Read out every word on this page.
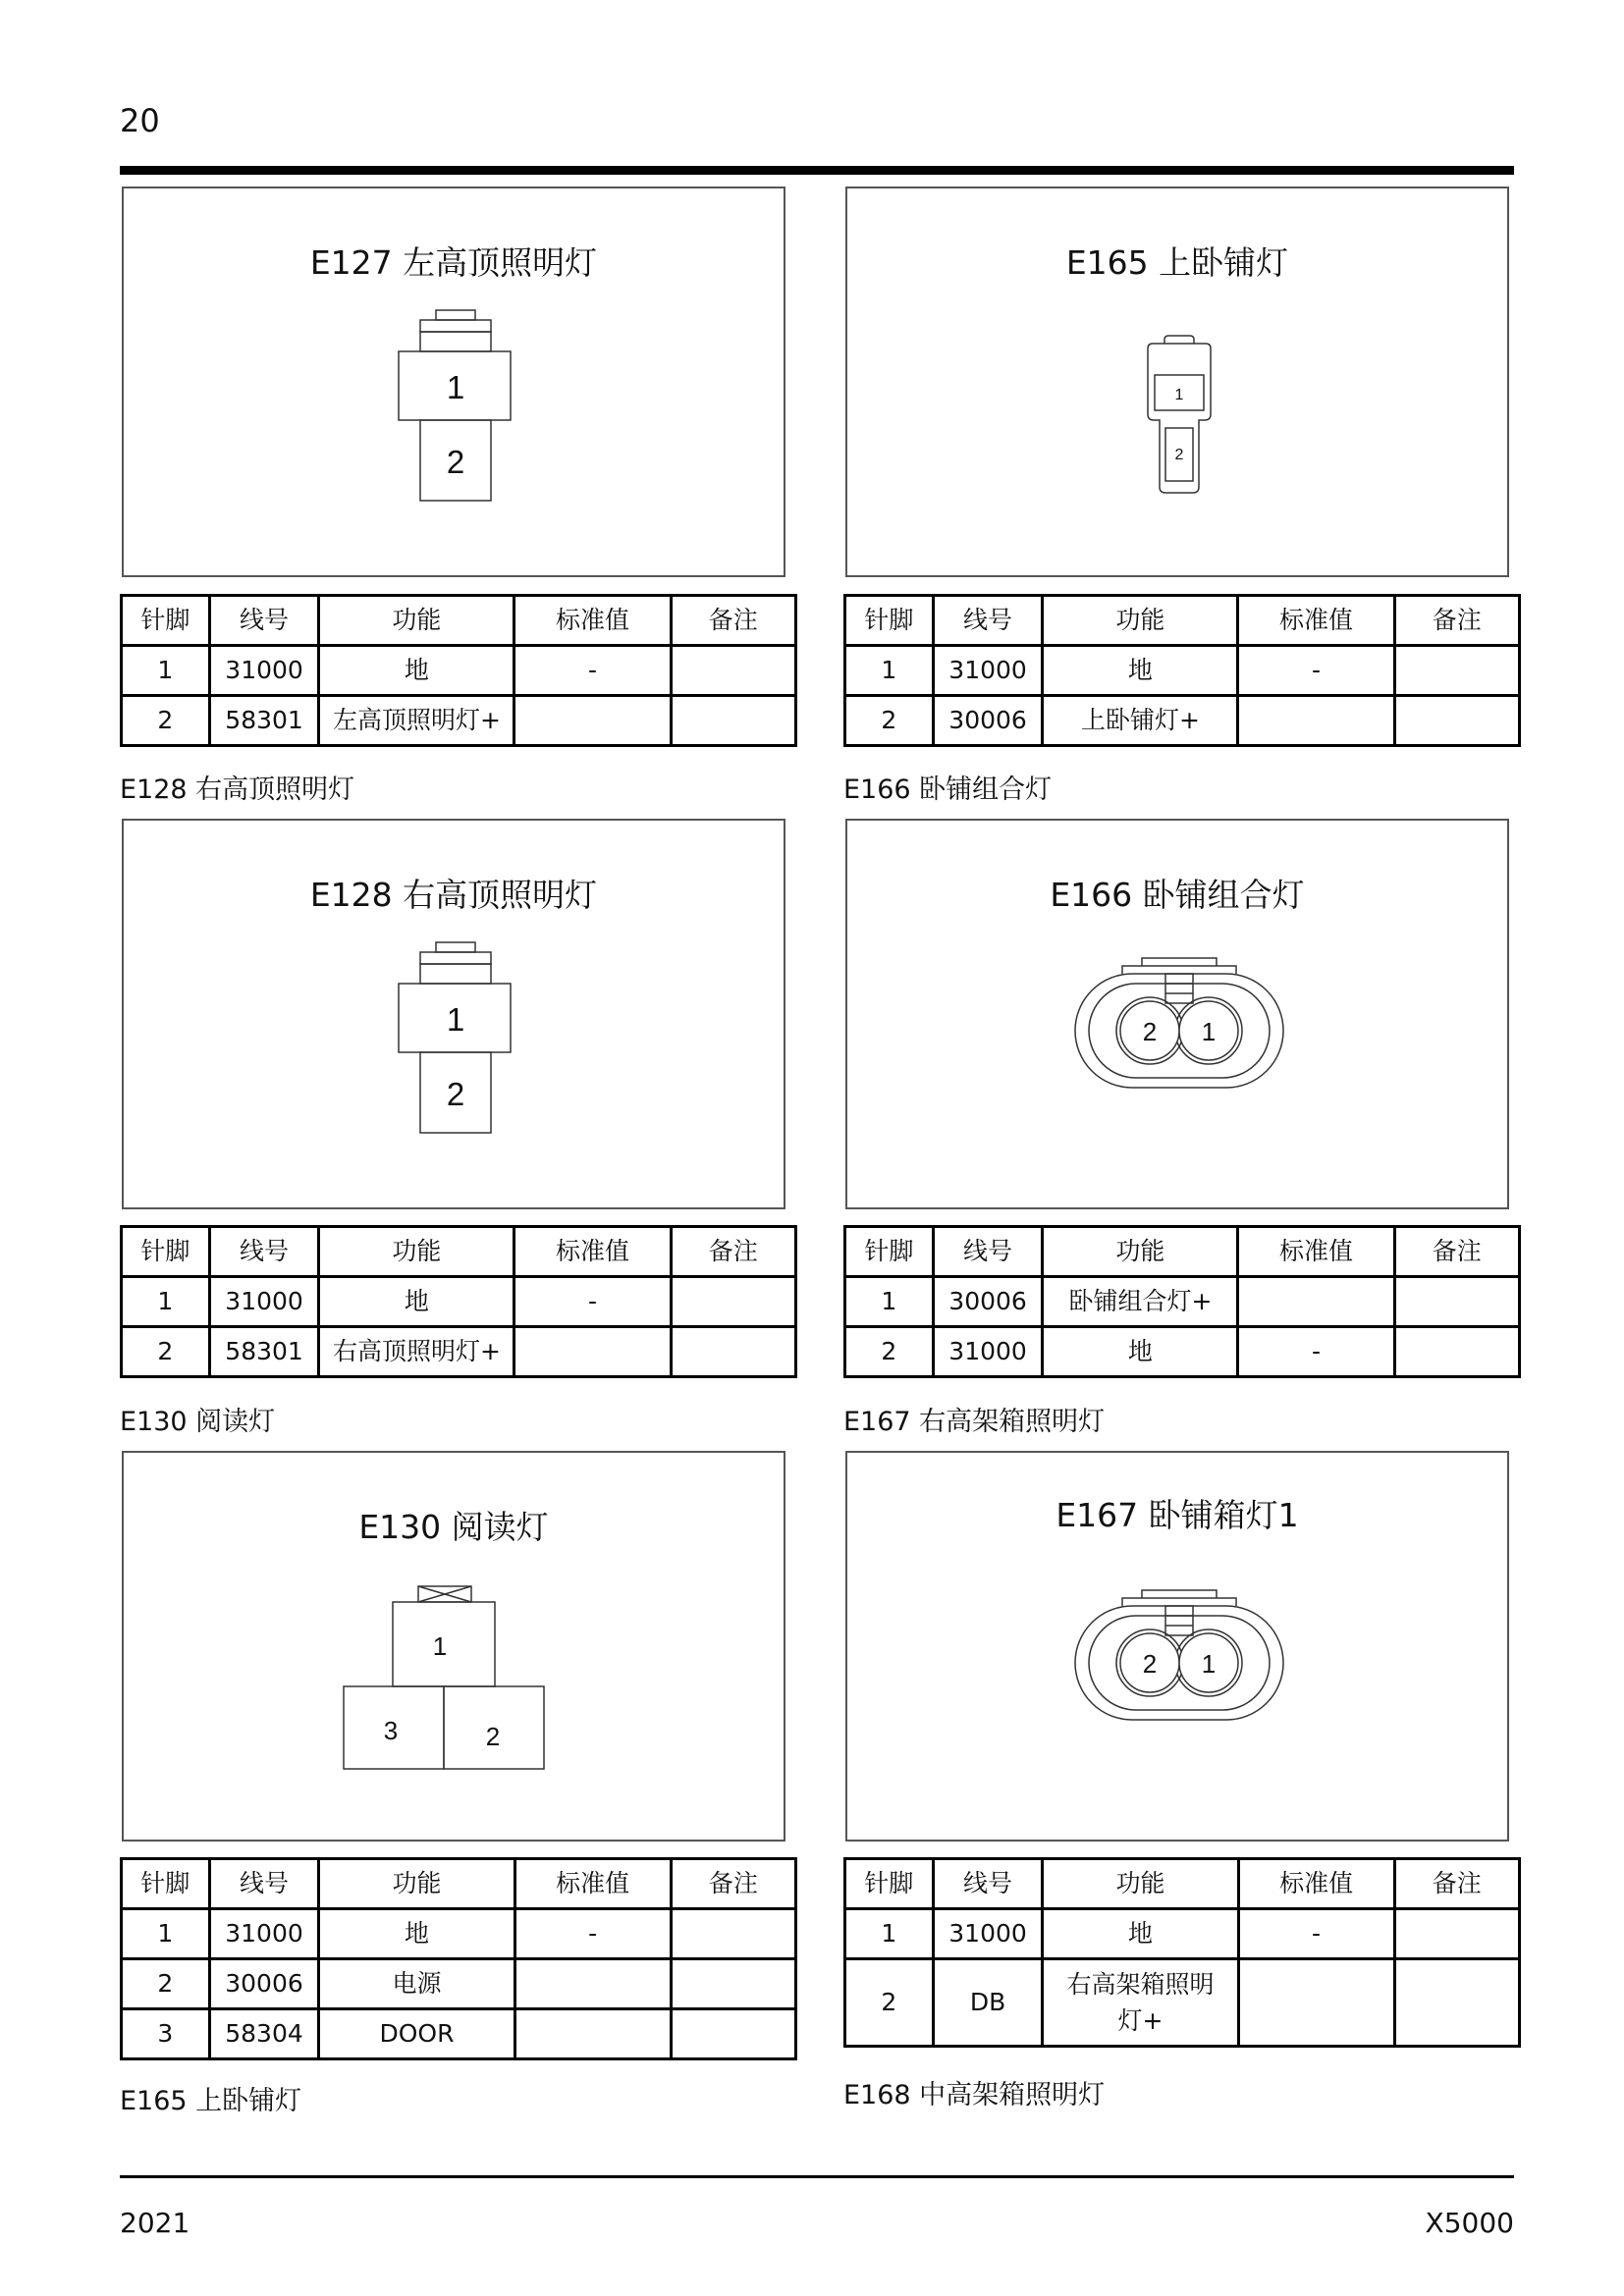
20
E127 左高顶照明灯
1
2
E165 上卧铺灯
1
2
针脚	线号	功能	标准值	备注
1	31000	地	-	
2	58301	左高顶照明灯+		
针脚	线号	功能	标准值	备注
1	31000	地	-	
2	30006	上卧铺灯+		
E128 右高顶照明灯	E166 卧铺组合灯
E128 右高顶照明灯
1
2
E166 卧铺组合灯
2 1
针脚	线号	功能	标准值	备注
1	31000	地	-	
2	58301	右高顶照明灯+		
针脚	线号	功能	标准值	备注
1	30006	卧铺组合灯+		
2	31000	地	-	
E130 阅读灯	E167 右高架箱照明灯
E130 阅读灯
1
3	2
E167 卧铺箱灯1
2 1
针脚	线号	功能	标准值	备注
1	31000	地	-	
2	30006	电源		
3	58304	DOOR		
针脚	线号	功能	标准值	备注
1	31000	地	-	
2	DB	右高架箱照明灯+		
E165 上卧铺灯	E168 中高架箱照明灯
2021	X5000
